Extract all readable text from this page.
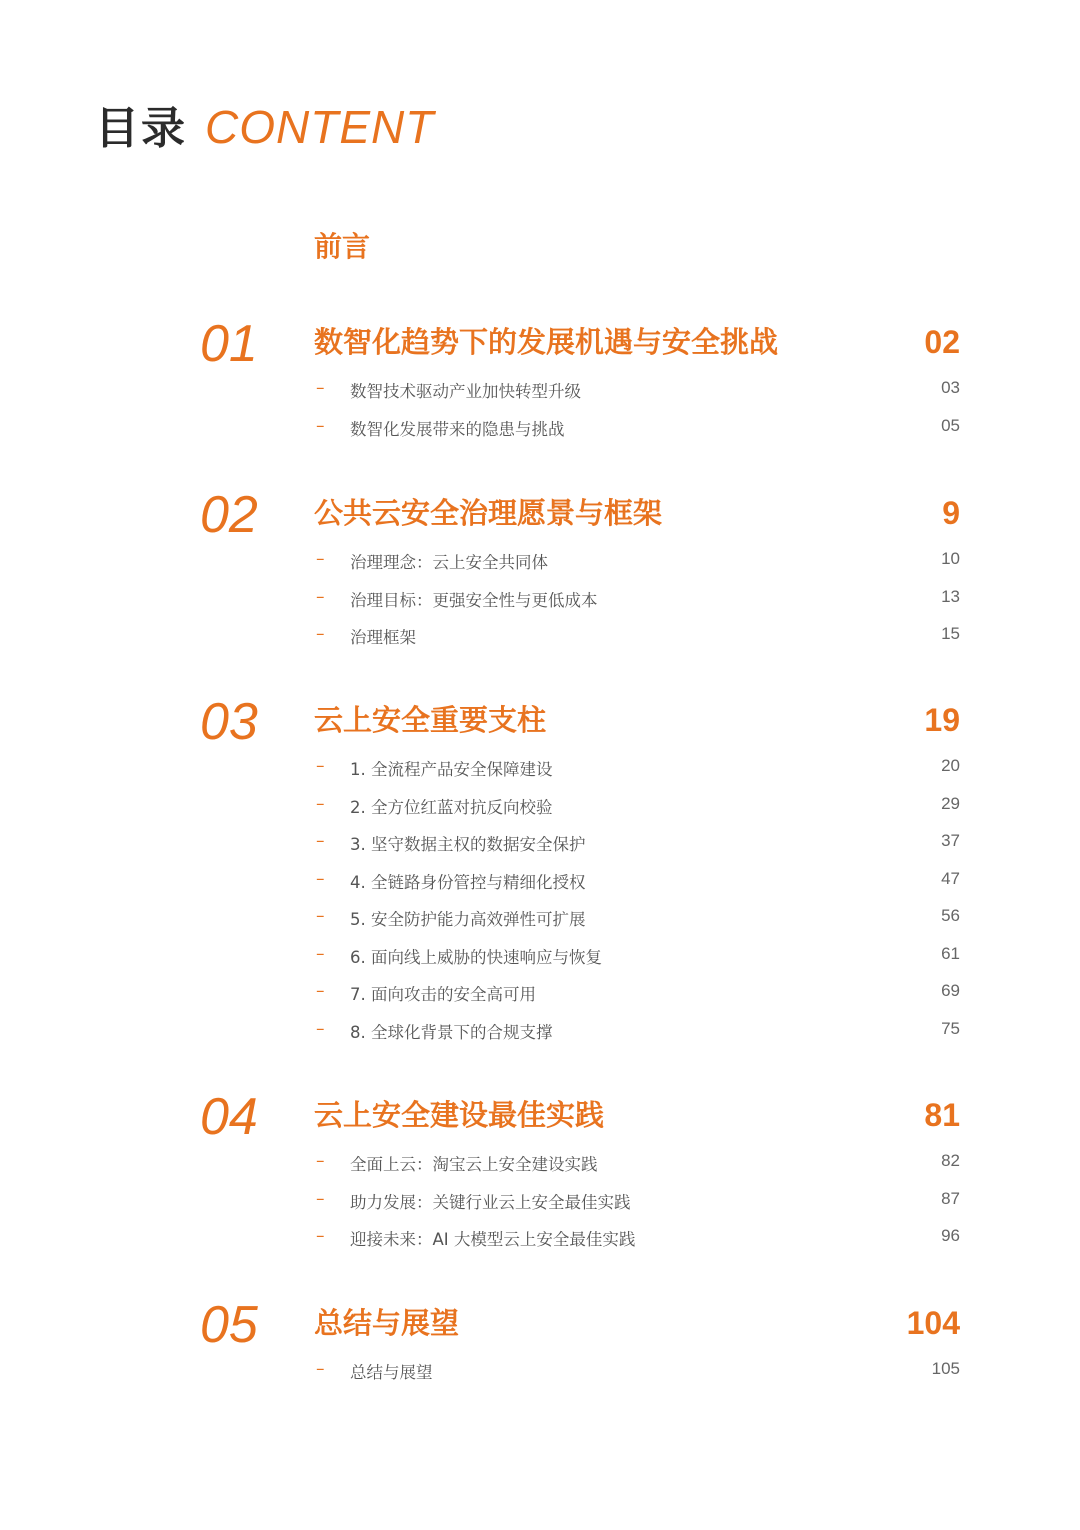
目录 CONTENT
前言
01 数智化趋势下的发展机遇与安全挑战	02
– 数智技术驱动产业加快转型升级	03
– 数智化发展带来的隐患与挑战	05
02 公共云安全治理愿景与框架	9
– 治理理念：云上安全共同体	10
– 治理目标：更强安全性与更低成本	13
– 治理框架	15
03 云上安全重要支柱	19
– 1. 全流程产品安全保障建设	20
– 2. 全方位红蓝对抗反向校验	29
– 3. 坚守数据主权的数据安全保护	37
– 4. 全链路身份管控与精细化授权	47
– 5. 安全防护能力高效弹性可扩展	56
– 6. 面向线上威胁的快速响应与恢复	61
– 7. 面向攻击的安全高可用	69
– 8. 全球化背景下的合规支撑	75
04 云上安全建设最佳实践	81
– 全面上云：淘宝云上安全建设实践	82
– 助力发展：关键行业云上安全最佳实践	87
– 迎接未来：AI 大模型云上安全最佳实践	96
05 总结与展望	104
– 总结与展望	105
